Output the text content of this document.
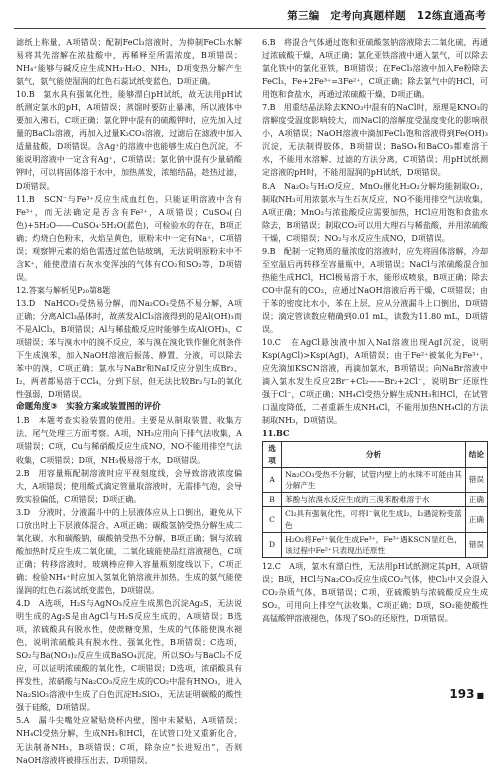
第三编　定考向真题样题　12练直通高考

滤纸上称量，A项错误；配制FeCl₃溶液时，为抑制FeCl₃水解易将其先溶解在浓盐酸中，再稀释至所需浓度，B项错误；NH₄⁺能够与碱反应生成NH₃·H₂O、NH₃，D项变热分解产生氨气，氨气能使湿润的红色石蕊试纸变蓝色，D项正确。

10.B　氯水具有强氧化性，能够漂白pH试纸，故无法用pH试纸测定氯水的pH，A项错误；蒸馏时要防止暴沸，所以液体中要加入沸石，C项正确；氯化钾中混有的硫酸钾时，应先加入过量的BaCl₂溶液，再加入过量K₂CO₃溶液，过滤后在滤液中加入适量盐酸，D项错误。含Ag⁺的溶液中也能够生成白色沉淀，不能说明溶液中一定含有Ag⁺，C项错误；氯化钠中混有少量硝酸钾时，可以将固体溶于水中，加热蒸发，浓缩结晶，趁热过滤，D项错误。

11.B　SCN⁻与Fe³⁺反应生成血红色，只能证明溶液中含有Fe³⁺，而无法确定是否含有Fe²⁺，A项错误；CuSO₄(白色)+5H₂O——CuSO₄·5H₂O(蓝色)，可检验水的存在，B项正确；灼烧白色粉末，火焰呈黄色，原粉末中一定有Na⁺，C项错误；观察钾元素的焰色需透过蓝色钴玻璃，无法说明原粉末中不含K⁺，能使澄清石灰水变浑浊的气体有CO₂和SO₂等，D项错误。

12.答案与解析见P₂₀第8题

13.D　NaHCO₃受热易分解，而Na₂CO₃受热不易分解，A项正确；分离AlCl₃晶体时，故蒸发AlCl₃溶液得到的是Al(OH)₃而不是AlCl₃，B项错误；Al与稀盐酸反应时能够生成Al(OH)₃，C项错误；苯与溴水中的溴不反应，苯与溴在溴化铁作催化剂条件下生成溴苯，加入NaOH溶液后振荡、静置、分液，可以除去苯中的溴，C项正确；氯水与NaBr和NaI反应分别生成Br₂、I₂，两者都易溶于CCl₄，分到下层，但无法比较Br₂与I₂的氧化性强弱，D项错误。

命题角度③　实验方案或装置图的评价

1.B　本题考查实验装置的使用。主要是从制取装置、收集方法、尾气处理三方面考察。A项，NH₃应用向下排气法收集，A项错误；C项，Cu与稀硝酸反应生成NO，NO不能用排空气法收集，C项错误；D项，NH₃极易溶于水，D项错误。

2.B　用容量瓶配制溶液时应平视刻度线，会导致溶液浓度偏大，A项错误；使用酸式滴定管量取溶液时，无需排气泡，会导致实验偏低，C项错误；D项正确。

3.D　分液时，分液漏斗中的上层液体应从上口倒出，避免从下口放出时上下层液体混合，A项正确；碳酸氢钠受热分解生成二氧化碳、水和碳酸钠，碳酸钠受热不分解，B项正确；铜与浓硫酸加热时反应生成二氧化硫，二氧化硫能使品红溶液褪色，C项正确；转移溶液时，玻璃棒应伸入容量瓶刻度线以下，C项正确；检验NH₄⁺时应加入氢氧化钠溶液并加热，生成的氨气能使湿润的红色石蕊试纸变蓝色，D项错误。

4.D　A选项，H₂S与AgNO₃反应生成黑色沉淀Ag₂S，无法说明生成的Ag₂S是由AgCl与H₂S反应生成的，A项错误；B选项，浓硫酸具有脱水性，使蔗糖变黑，生成的气体能使溴水褪色，说明浓硫酸具有脱水性、强氧化性，B项错误；C选项，SO₂与Ba(NO₃)₂反应生成BaSO₄沉淀，所以SO₂与BaCl₂不反应，可以证明浓硫酸的氧化性，C项错误；D选项，浓硝酸具有挥发性，浓硝酸与Na₂CO₃反应生成的CO₂中混有HNO₃，进入Na₂SiO₃溶液中生成了白色沉淀H₂SiO₃，无法证明碳酸的酸性强于硅酸，D项错误。

5.A　漏斗尖嘴处应紧贴烧杯内壁，图中未紧贴，A项错误；NH₄Cl受热分解，生成NH₃和HCl，在试管口处又重新化合，无法制备NH₃，B项错误；C项，除杂应“长进短出”，否则NaOH溶液将被排压出去，D项错误。

6.B　将混合气体通过饱和亚硫酸氢钠溶液除去二氧化硫，再通过浓硫酸干燥，A项正确；氯化亚铁溶液中通入氯气，可以除去氯化铁中的氯化亚铁，B项错误；在FeCl₃溶液中加入Fe粉除去FeCl₃，Fe+2Fe³⁺=3Fe²⁺，C项正确；除去氯气中的HCl，可用饱和食盐水，再通过浓硫酸干燥，D项正确。

7.B　用重结晶法除去KNO₃中混有的NaCl时，原理是KNO₃的溶解度受温度影响较大，而NaCl的溶解度受温度变化的影响很小，A项错误；NaOH溶液中滴加FeCl₃饱和溶液得到Fe(OH)₃沉淀，无法制得胶体，B项错误；BaSO₄和BaCO₃都难溶于水，不能用水溶解、过滤的方法分离，C项错误；用pH试纸测定溶液的pH时，不能用湿润的pH试纸，D项错误。

8.A　Na₂O₂与H₂O反应、MnO₂催化H₂O₂分解均能制取O₂，制取NH₃可用浓氨水与生石灰反应，NO不能用排空气法收集，A项正确；MnO₂与浓盐酸反应需要加热，HCl应用饱和食盐水除去，B项错误；制取CO₂可以用大理石与稀盐酸，并用浓硫酸干燥，C项错误；NO₂与水反应生成NO，D项错误。

9.B　配制一定物质的量浓度的溶液时，应先将固体溶解，冷却至室温后再转移至容量瓶中，A项错误；NaCl与浓硫酸混合加热能生成HCl，HCl极易溶于水，能形成喷泉，B项正确；除去CO中混有的CO₂，应通过NaOH溶液后再干燥，C项错误；由于苯的密度比水小，苯在上层，应从分液漏斗上口倒出，D项错误；滴定管读数应精确到0.01 mL，读数为11.80 mL，D项错误。

10.C　在AgCl悬浊液中加入NaI溶液出现AgI沉淀，说明Ksp(AgCl)>Ksp(AgI)，A项错误；由于Fe²⁺被氧化为Fe³⁺，应先滴加KSCN溶液，再滴加氯水，B项错误；向NaBr溶液中滴入氯水发生反应2Br⁻+Cl₂——Br₂+2Cl⁻，说明Br⁻还原性强于Cl⁻，C项正确；NH₄Cl受热分解生成NH₃和HCl，在试管口温度降低，二者重新生成NH₄Cl，不能用加热NH₄Cl的方法制取NH₃，D项错误。

11.BC

选项	分析	结论
A	Na₂CO₃受热不分解，试管内壁上的水珠不可能由其分解产生	错误
B	苯酚与浓溴水反应生成的三溴苯酚难溶于水	正确
C	Cl₂具有强氧化性，可将I⁻氧化生成I₂，I₂遇淀粉变蓝色	正确
D	H₂O₂将Fe²⁺氧化生成Fe³⁺，Fe³⁺遇KSCN显红色，该过程中Fe²⁺只表现出还原性	错误

12.C　A项，氯水有漂白性，无法用pH试纸测定其pH，A项错误；B项，HCl与Na₂CO₃反应生成CO₂气体，使Cl₂中又会混入CO₂杂质气体，B项错误；C项，亚硫酸钠与浓硫酸反应生成SO₂，可用向上排空气法收集，C项正确；D项，SO₂能使酸性高锰酸钾溶液褪色，体现了SO₂的还原性，D项错误。

193 ■
